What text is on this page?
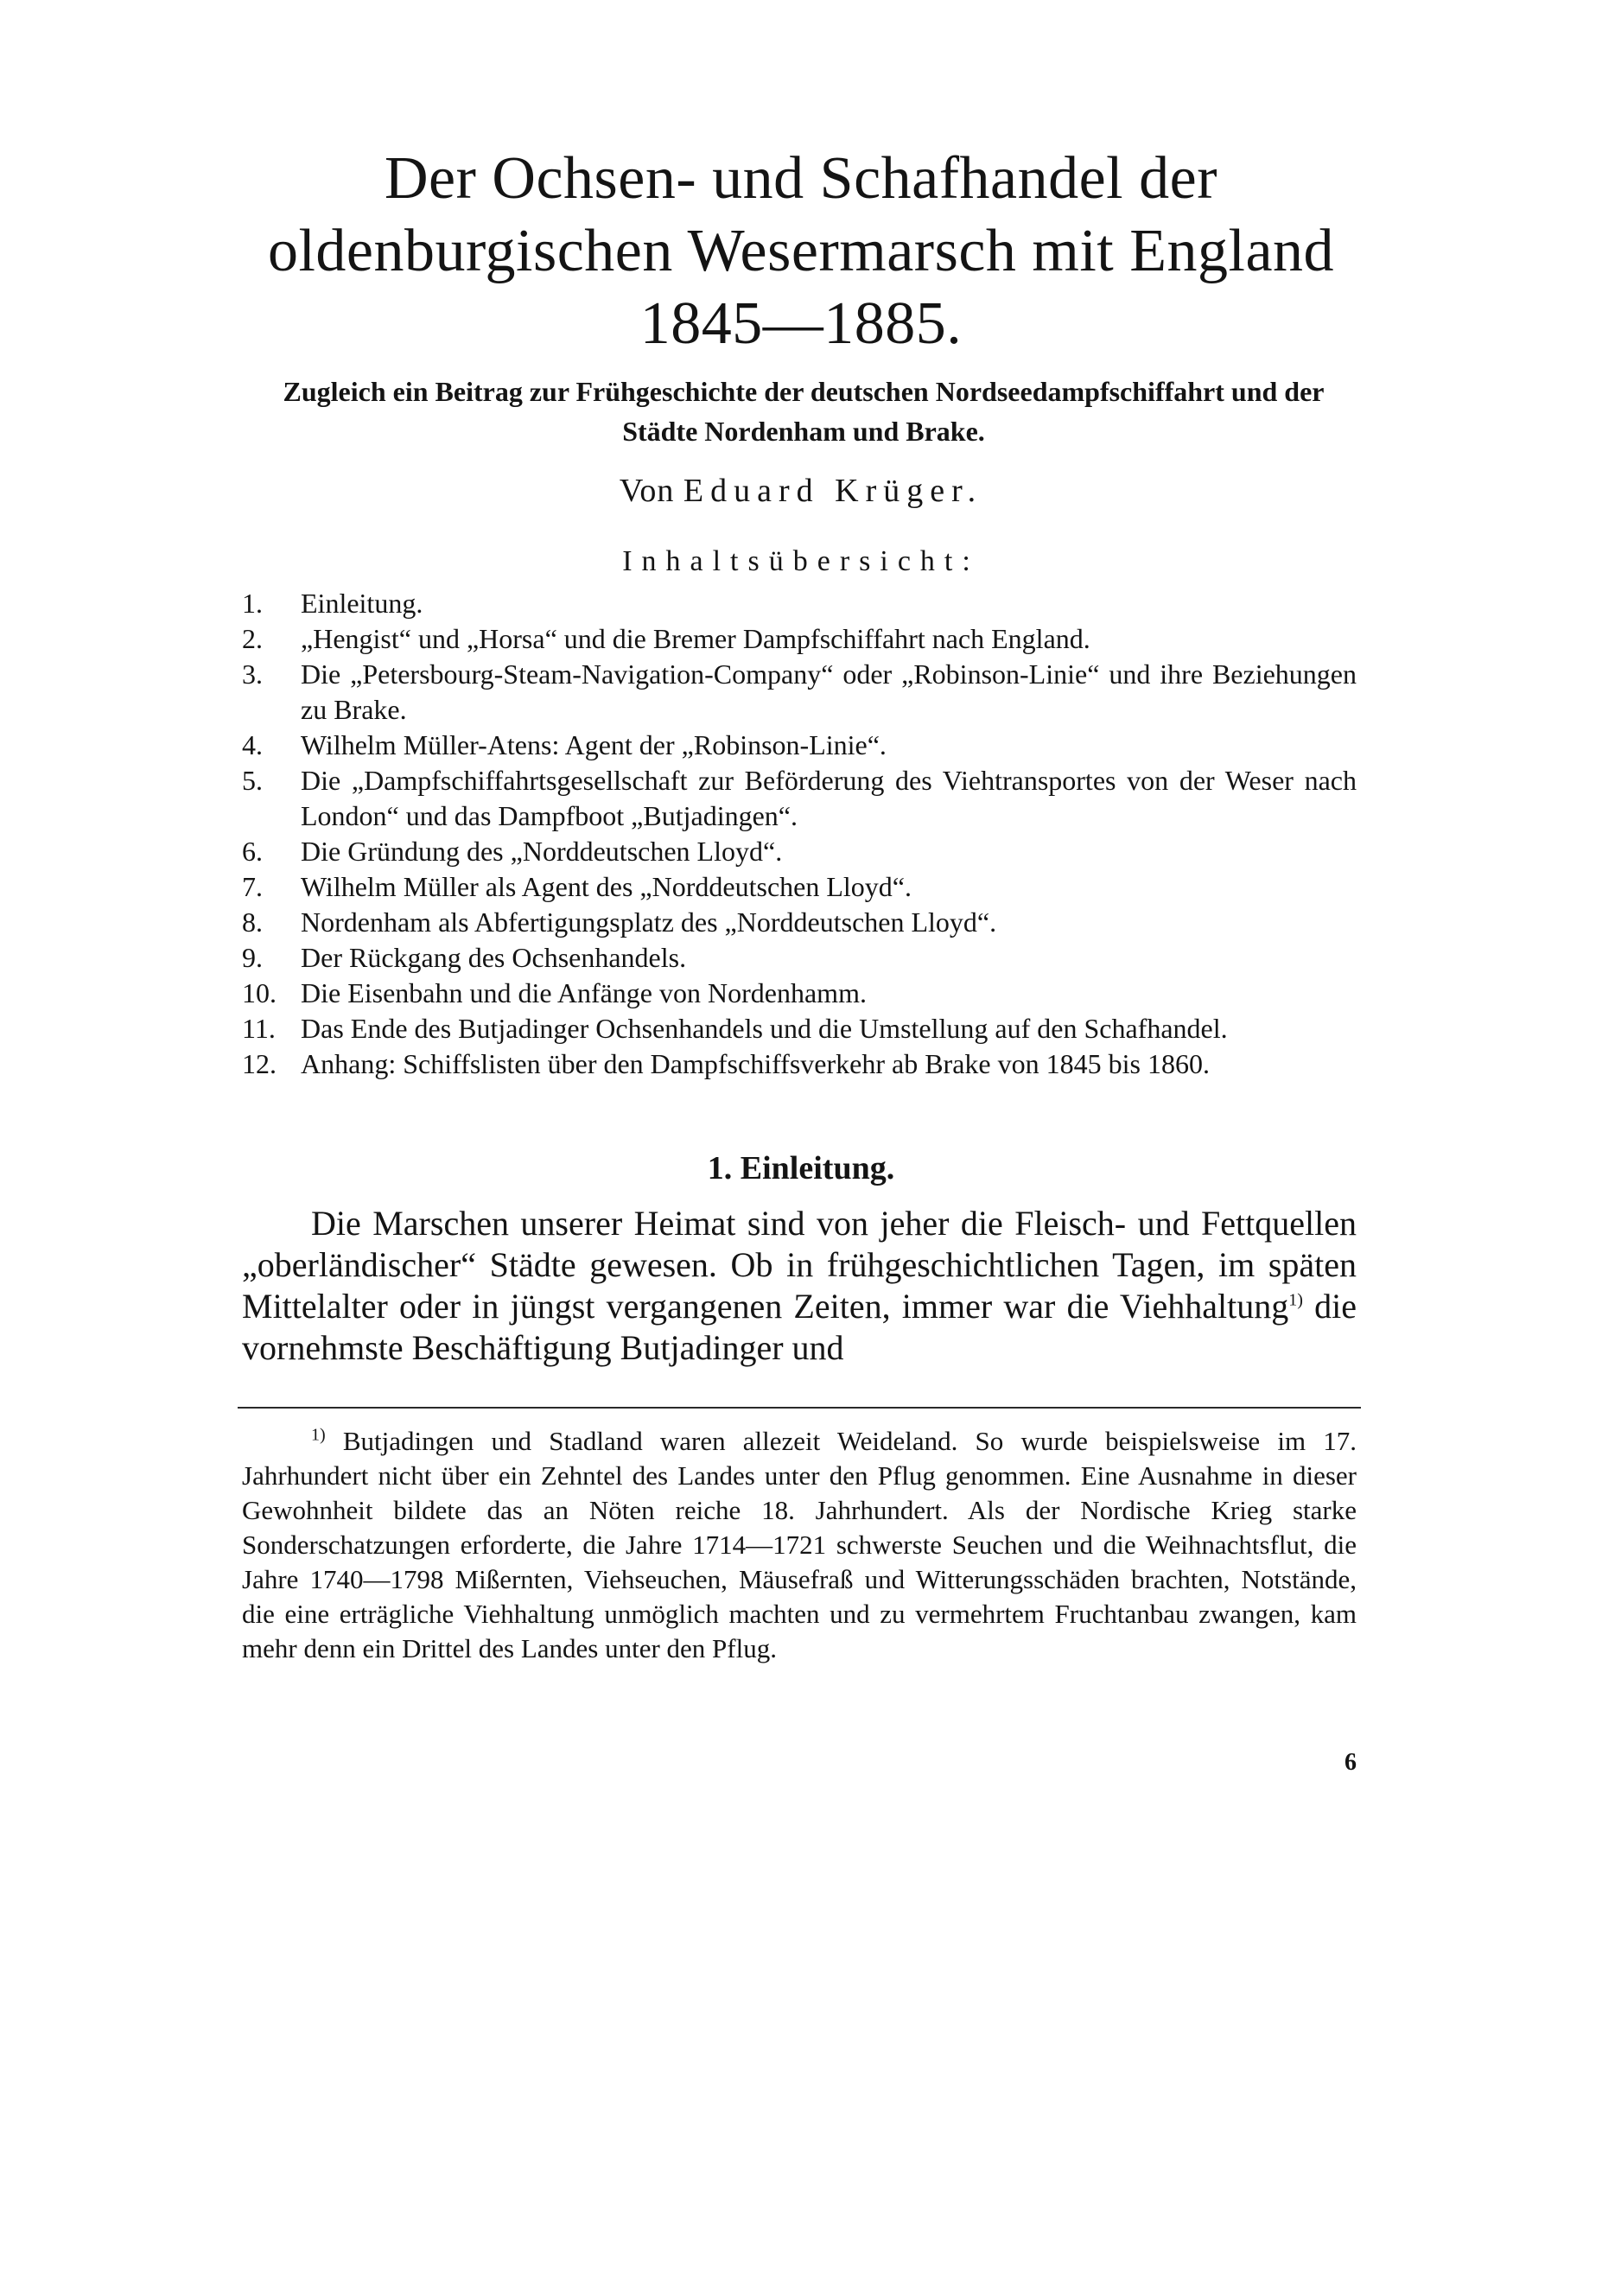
Der Ochsen- und Schafhandel der oldenburgischen Wesermarsch mit England 1845—1885.

Zugleich ein Beitrag zur Frühgeschichte der deutschen Nordseedampfschiffahrt und der Städte Nordenham und Brake.

Von Eduard Krüger.
Inhaltsübersicht:
1.	Einleitung.
2.	„Hengist“ und „Horsa“ und die Bremer Dampfschiffahrt nach England.
3.	Die „Petersbourg-Steam-Navigation-Company“ oder „Robinson-Linie“ und ihre Beziehungen zu Brake.
4.	Wilhelm Müller-Atens: Agent der „Robinson-Linie“.
5.	Die „Dampfschiffahrtsgesellschaft zur Beförderung des Viehtransportes von der Weser nach London“ und das Dampfboot „Butjadingen“.
6.	Die Gründung des „Norddeutschen Lloyd“.
7.	Wilhelm Müller als Agent des „Norddeutschen Lloyd“.
8.	Nordenham als Abfertigungsplatz des „Norddeutschen Lloyd“.
9.	Der Rückgang des Ochsenhandels.
10. Die Eisenbahn und die Anfänge von Nordenhamm.
11. Das Ende des Butjadinger Ochsenhandels und die Umstellung auf den Schafhandel.
12. Anhang: Schiffslisten über den Dampfschiffsverkehr ab Brake von 1845 bis 1860.
1. Einleitung.

Die Marschen unserer Heimat sind von jeher die Fleisch- und Fettquellen „oberländischer“ Städte gewesen. Ob in frühgeschichtlichen Tagen, im späten Mittelalter oder in jüngst vergangenen Zeiten, immer war die Viehhaltung$^{1)}$ die vornehmste Beschäftigung Butjadinger und

$^{1)}$ Butjadingen und Stadland waren allezeit Weideland. So wurde beispielsweise im 17. Jahrhundert nicht über ein Zehntel des Landes unter den Pflug genommen. Eine Ausnahme in dieser Gewohnheit bildete das an Nöten reiche 18. Jahrhundert. Als der Nordische Krieg starke Sonderschatzungen erforderte, die Jahre 1714—1721 schwerste Seuchen und die Weihnachtsflut, die Jahre 1740—1798 Mißernten, Viehseuchen, Mäusefraß und Witterungsschäden brachten, Notstände, die eine erträgliche Viehhaltung unmöglich machten und zu vermehrtem Fruchtanbau zwangen, kam mehr denn ein Drittel des Landes unter den Pflug.

6
